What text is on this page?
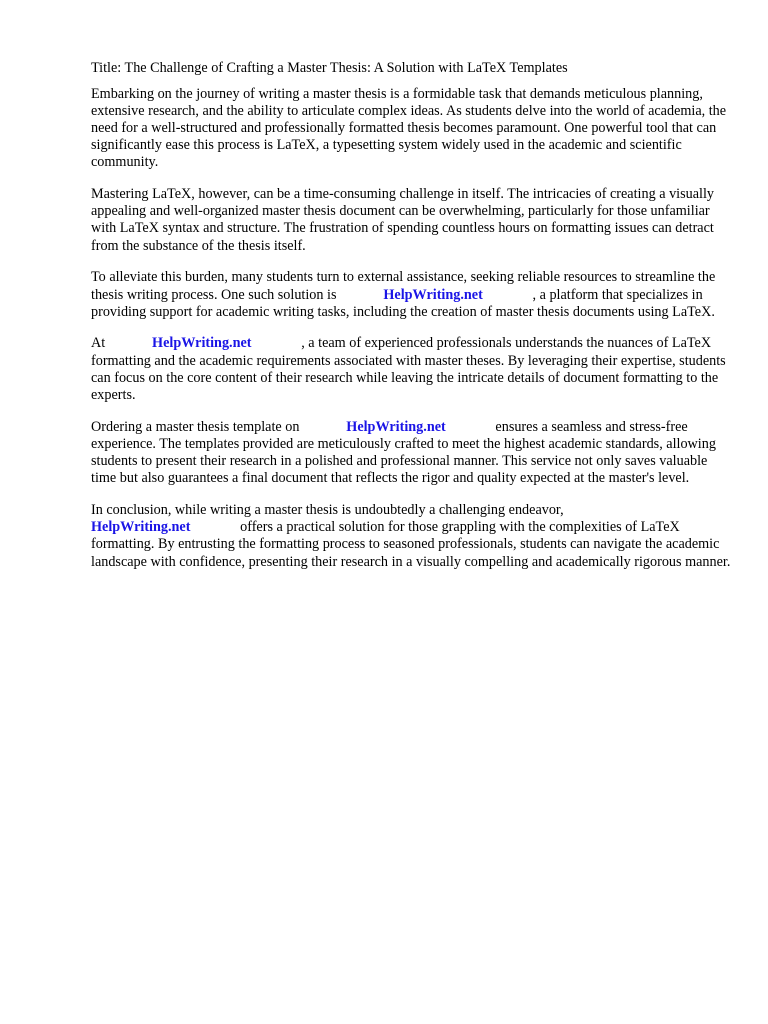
Title: The Challenge of Crafting a Master Thesis: A Solution with LaTeX Templates

Embarking on the journey of writing a master thesis is a formidable task that demands meticulous planning, extensive research, and the ability to articulate complex ideas. As students delve into the world of academia, the need for a well-structured and professionally formatted thesis becomes paramount. One powerful tool that can significantly ease this process is LaTeX, a typesetting system widely used in the academic and scientific community.

Mastering LaTeX, however, can be a time-consuming challenge in itself. The intricacies of creating a visually appealing and well-organized master thesis document can be overwhelming, particularly for those unfamiliar with LaTeX syntax and structure. The frustration of spending countless hours on formatting issues can detract from the substance of the thesis itself.

To alleviate this burden, many students turn to external assistance, seeking reliable resources to streamline the thesis writing process. One such solution is	HelpWriting.net	, a platform that specializes in providing support for academic writing tasks, including the creation of master thesis documents using LaTeX.

At	HelpWriting.net	, a team of experienced professionals understands the nuances of LaTeX formatting and the academic requirements associated with master theses. By leveraging their expertise, students can focus on the core content of their research while leaving the intricate details of document formatting to the experts.

Ordering a master thesis template on	HelpWriting.net	ensures a seamless and stress-free experience. The templates provided are meticulously crafted to meet the highest academic standards, allowing students to present their research in a polished and professional manner. This service not only saves valuable time but also guarantees a final document that reflects the rigor and quality expected at the master's level.

In conclusion, while writing a master thesis is undoubtedly a challenging endeavor,
HelpWriting.net	offers a practical solution for those grappling with the complexities of LaTeX formatting. By entrusting the formatting process to seasoned professionals, students can navigate the academic landscape with confidence, presenting their research in a visually compelling and academically rigorous manner.
